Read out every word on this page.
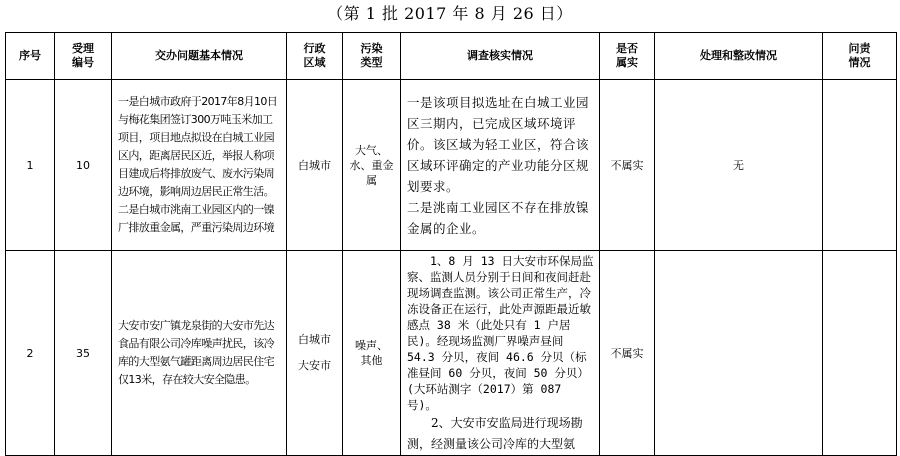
（第 1 批 2017 年 8 月 26 日）
序号	受理编号	交办问题基本情况	行政区域	污染类型	调查核实情况	是否属实	处理和整改情况	问责情况

1	10	一是白城市政府于2017年8月10日与梅花集团签订300万吨玉米加工项目，项目地点拟设在白城工业园区内，距离居民区近，举报人称项目建成后将排放废气、废水污染周边环境，影响周边居民正常生活。
二是白城市洮南工业园区内的一镍厂排放重金属，严重污染周边环境	白城市	大气、水、重金属	一是该项目拟选址在白城工业园区三期内，已完成区域环境评价。该区域为轻工业区，符合该区域环评确定的产业功能分区规划要求。
二是洮南工业园区不存在排放镍金属的企业。	不属实	无	
2	35	大安市安广镇龙泉街的大安市先达食品有限公司冷库噪声扰民，该冷库的大型氨气罐距离周边居民住宅仅13米，存在较大安全隐患。	白城市大安市	噪声、其他	1、8 月 13 日大安市环保局监察、监测人员分别于日间和夜间赶赴现场调查监测。该公司正常生产，冷冻设备正在运行，此处声源距最近敏感点 38 米（此处只有 1 户居民)。经现场监测厂界噪声昼间 54.3 分贝，夜间 46.6 分贝（标准昼间 60 分贝，夜间 50 分贝）(大环站测字（2017）第 087 号)。

2、大安市安监局进行现场勘测，经测量该公司冷库的大型氨	不属实		
